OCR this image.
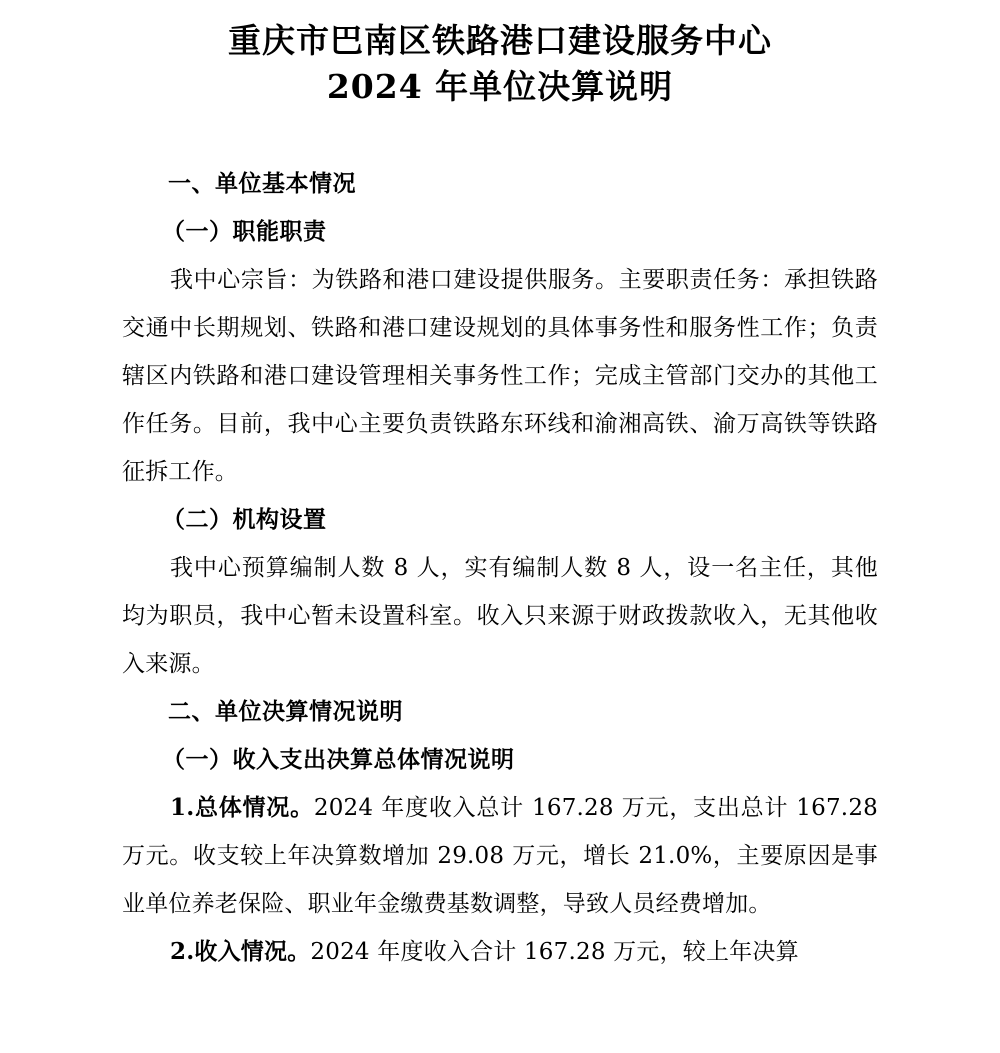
重庆市巴南区铁路港口建设服务中心
2024 年单位决算说明

一、单位基本情况

（一）职能职责

我中心宗旨：为铁路和港口建设提供服务。主要职责任务：承担铁路交通中长期规划、铁路和港口建设规划的具体事务性和服务性工作；负责辖区内铁路和港口建设管理相关事务性工作；完成主管部门交办的其他工作任务。目前，我中心主要负责铁路东环线和渝湘高铁、渝万高铁等铁路征拆工作。

（二）机构设置

我中心预算编制人数 8 人，实有编制人数 8 人，设一名主任，其他均为职员，我中心暂未设置科室。收入只来源于财政拨款收入，无其他收入来源。

二、单位决算情况说明

（一）收入支出决算总体情况说明

1.总体情况。2024 年度收入总计 167.28 万元，支出总计 167.28 万元。收支较上年决算数增加 29.08 万元，增长 21.0%，主要原因是事业单位养老保险、职业年金缴费基数调整，导致人员经费增加。

2.收入情况。2024 年度收入合计 167.28 万元，较上年决算
